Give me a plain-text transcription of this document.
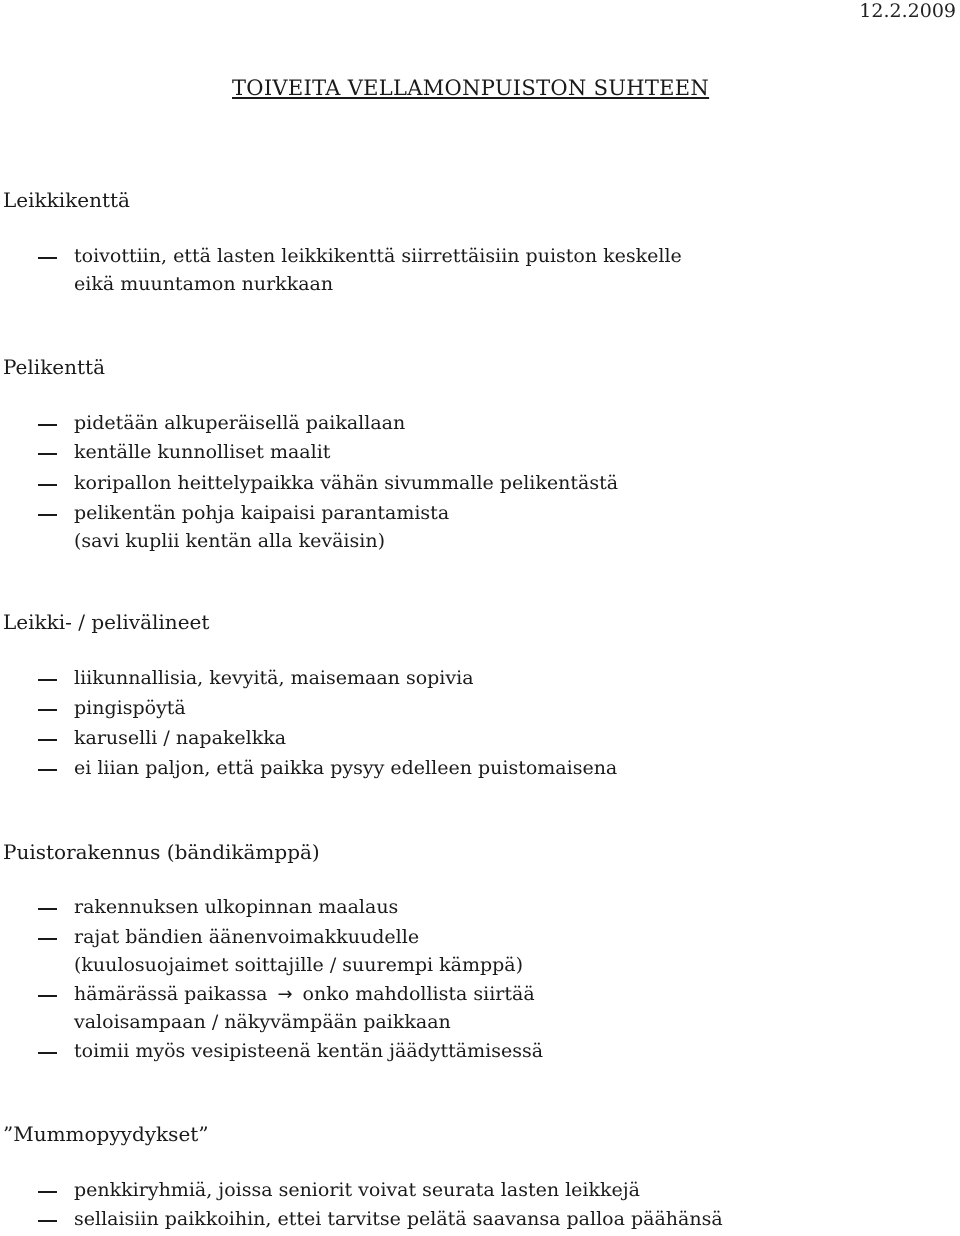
12.2.2009
TOIVEITA VELLAMONPUISTON SUHTEEN
Leikkikenttä
toivottiin, että lasten leikkikenttä siirrettäisiin puiston keskelle
eikä muuntamon nurkkaan
Pelikenttä
pidetään alkuperäisellä paikallaan
kentälle kunnolliset maalit
koripallon heittelypaikka vähän sivummalle pelikentästä
pelikentän pohja kaipaisi parantamista
(savi kuplii kentän alla keväisin)
Leikki- / pelivälineet
liikunnallisia, kevyitä, maisemaan sopivia
pingispöytä
karuselli / napakelkka
ei liian paljon, että paikka pysyy edelleen puistomaisena
Puistorakennus (bändikämppä)
rakennuksen ulkopinnan maalaus
rajat bändien äänenvoimakkuudelle
(kuulosuojaimet soittajille / suurempi kämppä)
hämärässä paikassa → onko mahdollista siirtää
valoisampaan / näkyvämpään paikkaan
toimii myös vesipisteenä kentän jäädyttämisessä
”Mummopyydykset”
penkkiryhmiä, joissa seniorit voivat seurata lasten leikkejä
sellaisiin paikkoihin, ettei tarvitse pelätä saavansa palloa päähänsä
